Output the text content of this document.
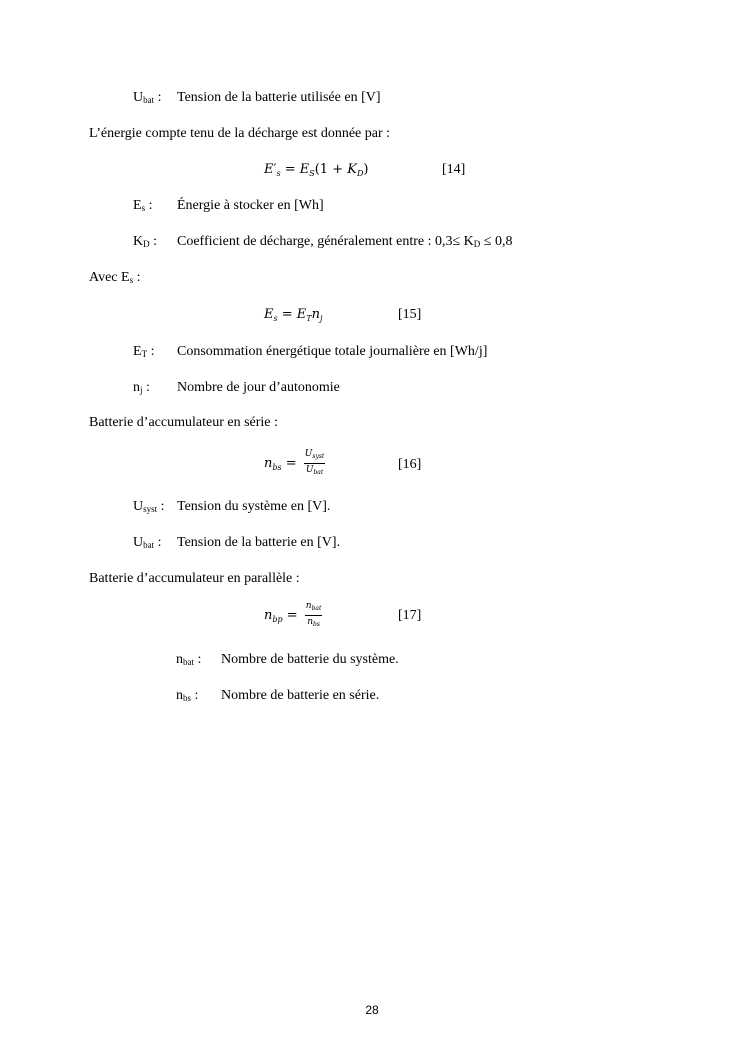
$U_{bat}$ : Tension de la batterie utilisée en [V]
L’énergie compte tenu de la décharge est donnée par :
$E'_s = E_S(1 + K_D)$	[14]
$E_s$ : Énergie à stocker en [Wh]
$K_D$ : Coefficient de décharge, généralement entre : $0,3\le K_D \le 0,8$
Avec $E_s$ :
$E_s = E_Tn_j$	[15]
$E_T$ : Consommation énergétique totale journalière en [Wh/j]
$n_j$ : Nombre de jour d’autonomie
Batterie d’accumulateur en série :
$n_{bs} = \frac{U_{syst}}{U_{bat}}$	[16]
$U_{syst}$ : Tension du système en [V].
$U_{bat}$ : Tension de la batterie en [V].
Batterie d’accumulateur en parallèle :
$n_{bp} = \frac{n_{bat}}{n_{bs}}$	[17]
$n_{bat}$ : Nombre de batterie du système.
$n_{bs}$ : Nombre de batterie en série.
28
